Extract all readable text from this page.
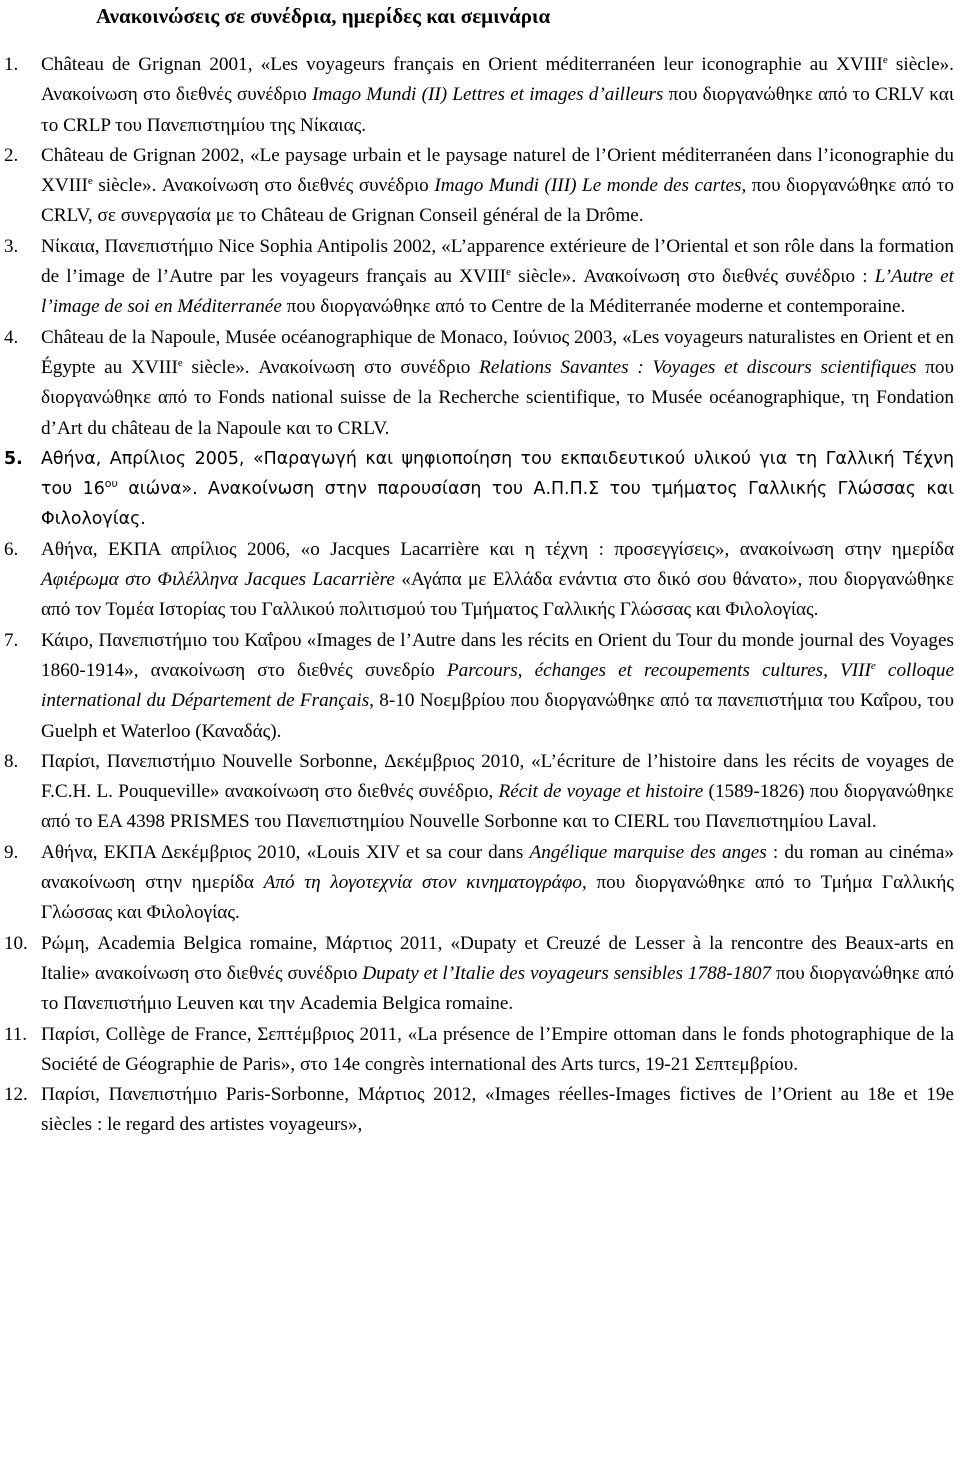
Ανακοινώσεις σε συνέδρια, ημερίδες και σεμινάρια
1.	Château de Grignan 2001, «Les voyageurs français en Orient méditerranéen leur iconographie au XVIIIe siècle». Ανακοίνωση στο διεθνές συνέδριο Imago Mundi (II) Lettres et images d’ailleurs που διοργανώθηκε από το CRLV και το CRLP του Πανεπιστημίου της Νίκαιας.
2.	Château de Grignan 2002, «Le paysage urbain et le paysage naturel de l’Orient méditerranéen dans l’iconographie du XVIIIe siècle». Ανακοίνωση στο διεθνές συνέδριο Imago Mundi (III) Le monde des cartes, που διοργανώθηκε από το CRLV, σε συνεργασία με το Château de Grignan Conseil général de la Drôme.
3.	Νίκαια, Πανεπιστήμιο Nice Sophia Antipolis 2002, «L’apparence extérieure de l’Oriental et son rôle dans la formation de l’image de l’Autre par les voyageurs français au XVIIIe siècle». Ανακοίνωση στο διεθνές συνέδριο : L’Autre et l’image de soi en Méditerranée που διοργανώθηκε από το Centre de la Méditerranée moderne et contemporaine.
4.	Château de la Napoule, Musée océanographique de Monaco, Ιούνιος 2003, «Les voyageurs naturalistes en Orient et en Égypte au XVIIIe siècle». Ανακοίνωση στο συνέδριο Relations Savantes : Voyages et discours scientifiques που διοργανώθηκε από το Fonds national suisse de la Recherche scientifique, το Musée océanographique, τη Fondation d’Art du château de la Napoule και το CRLV.
5.	Αθήνα, Απρίλιος 2005, «Παραγωγή και ψηφιοποίηση του εκπαιδευτικού υλικού για τη Γαλλική Τέχνη του $16^{o\upsilon}$ αιώνα». Ανακοίνωση στην παρουσίαση του Α.Π.Π.Σ του τμήματος Γαλλικής Γλώσσας και Φιλολογίας.
6.	Αθήνα, ΕΚΠΑ απρίλιος 2006, «ο Jacques Lacarrière και η τέχνη : προσεγγίσεις», ανακοίνωση στην ημερίδα Αφιέρωμα στο Φιλέλληνα Jacques Lacarrière «Αγάπα με Ελλάδα ενάντια στο δικό σου θάνατο», που διοργανώθηκε από τον Τομέα Ιστορίας του Γαλλικού πολιτισμού του Τμήματος Γαλλικής Γλώσσας και Φιλολογίας.
7.	Κάιρο, Πανεπιστήμιο του Καΐρου «Images de l’Autre dans les récits en Orient du Tour du monde journal des Voyages 1860-1914», ανακοίνωση στο διεθνές συνεδρίο Parcours, échanges et recoupements cultures, VIIIe colloque international du Département de Français, 8-10 Νοεμβρίου που διοργανώθηκε από τα πανεπιστήμια του Καΐρου, του Guelph et Waterloo (Καναδάς).
8.	Παρίσι, Πανεπιστήμιο Nouvelle Sorbonne, Δεκέμβριος 2010, «L’écriture de l’histoire dans les récits de voyages de F.C.H. L. Pouqueville» ανακοίνωση στο διεθνές συνέδριο, Récit de voyage et histoire (1589-1826) που διοργανώθηκε από το EA 4398 PRISMES του Πανεπιστημίου Nouvelle Sorbonne και το CIERL του Πανεπιστημίου Laval.
9.	Αθήνα, ΕΚΠΑ Δεκέμβριος 2010, «Louis XIV et sa cour dans Angélique marquise des anges : du roman au cinéma» ανακοίνωση στην ημερίδα Από τη λογοτεχνία στον κινηματογράφο, που διοργανώθηκε από το Τμήμα Γαλλικής Γλώσσας και Φιλολογίας.
10. Ρώμη, Academia Belgica romaine, Μάρτιος 2011, «Dupaty et Creuzé de Lesser à la rencontre des Beaux-arts en Italie» ανακοίνωση στο διεθνές συνέδριο Dupaty et l’Italie des voyageurs sensibles 1788-1807 που διοργανώθηκε από το Πανεπιστήμιο Leuven και την Academia Belgica romaine.
11. Παρίσι, Collège de France, Σεπτέμβριος 2011, «La présence de l’Empire ottoman dans le fonds photographique de la Société de Géographie de Paris», στο 14e congrès international des Arts turcs, 19-21 Σεπτεμβρίου.
12. Παρίσι, Πανεπιστήμιο Paris-Sorbonne, Μάρτιος 2012, «Images réelles-Images fictives de l’Orient au 18e et 19e siècles : le regard des artistes voyageurs»,
